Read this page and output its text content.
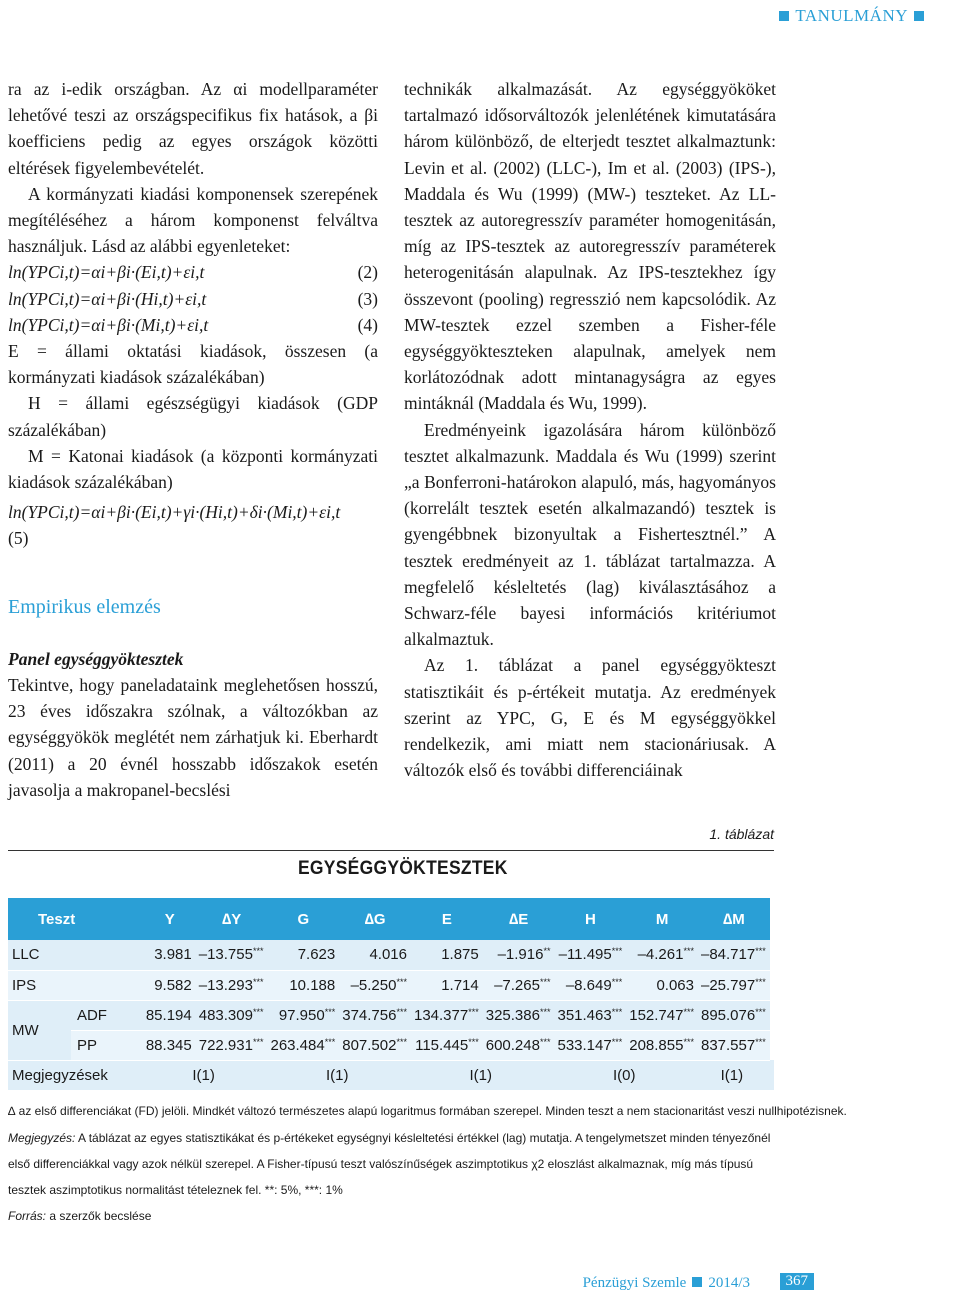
TANULMÁNY

ra az i-edik országban. Az αi modellparaméter lehetővé teszi az országspecifikus fix hatások, a βi koefficiens pedig az egyes országok közötti eltérések figyelembevételét.

A kormányzati kiadási komponensek szerepének megítéléséhez a három komponenst felváltva használjuk. Lásd az alábbi egyenleteket:

ln(YPCi,t)=αi+βi·(Ei,t)+εi,t	(2)
ln(YPCi,t)=αi+βi·(Hi,t)+εi,t	(3)
ln(YPCi,t)=αi+βi·(Mi,t)+εi,t	(4)

E = állami oktatási kiadások, összesen (a kormányzati kiadások százalékában)

H = állami egészségügyi kiadások (GDP százalékában)

M = Katonai kiadások (a központi kormányzati kiadások százalékában)

ln(YPCi,t)=αi+βi·(Ei,t)+γi·(Hi,t)+δi·(Mi,t)+εi,t
(5)
Empirikus elemzés
Panel egységgyöktesztek

Tekintve, hogy paneladataink meglehetősen hosszú, 23 éves időszakra szólnak, a változókban az egységgyökök meglétét nem zárhatjuk ki. Eberhardt (2011) a 20 évnél hosszabb időszakok esetén javasolja a makropanel-becslési

technikák alkalmazását. Az egységgyököket tartalmazó idősorváltozók jelenlétének kimutatására három különböző, de elterjedt tesztet alkalmaztunk: Levin et al. (2002) (LLC-), Im et al. (2003) (IPS-), Maddala és Wu (1999) (MW-) teszteket. Az LL-tesztek az autoregresszív paraméter homogenitásán, míg az IPS-tesztek az autoregresszív paraméterek heterogenitásán alapulnak. Az IPS-tesztekhez így összevont (pooling) regresszió nem kapcsolódik. Az MW-tesztek ezzel szemben a Fisher-féle egységgyökteszteken alapulnak, amelyek nem korlátozódnak adott mintanagyságra az egyes mintáknál (Maddala és Wu, 1999).

Eredményeink igazolására három különböző tesztet alkalmazunk. Maddala és Wu (1999) szerint „a Bonferroni-határokon alapuló, más, hagyományos (korrelált tesztek esetén alkalmazandó) tesztek is gyengébbnek bizonyultak a Fishertesztnél.” A tesztek eredményeit az 1. táblázat tartalmazza. A megfelelő késleltetés (lag) kiválasztásához a Schwarz-féle bayesi információs kritériumot alkalmaztuk.

Az 1. táblázat a panel egységgyökteszt statisztikáit és p-értékeit mutatja. Az eredmények szerint az YPC, G, E és M egységgyökkel rendelkezik, ami miatt nem stacionáriusak. A változók első és további differenciáinak

1. táblázat
EGYSÉGGYÖKTESZTEK
Teszt		Y	∆Y	G	∆G	E	∆E	H	M	∆M	
LLC		3.981	–13.755***	7.623	4.016	1.875	–1.916**	–11.495***	–4.261***	–84.717***
IPS		9.582	–13.293***	10.188	–5.250***	1.714	–7.265***	–8.649***	0.063	–25.797***
MW	ADF	85.194	483.309***	97.950***	374.756***	134.377***	325.386***	351.463***	152.747***	895.076***
	PP	88.345	722.931***	263.484***	807.502***	115.445***	600.248***	533.147***	208.855***	837.557***
Megjegyzések		I(1)		I(1)		I(1)		I(0)		I(1)	
∆ az első differenciákat (FD) jelöli. Mindkét változó természetes alapú logaritmus formában szerepel. Minden teszt a nem stacionaritást veszi nullhipotézisnek.
Megjegyzés: A táblázat az egyes statisztikákat és p-értékeket egységnyi késleltetési értékkel (lag) mutatja. A tengelymetszet minden tényezőnél
első differenciákkal vagy azok nélkül szerepel. A Fisher-típusú teszt valószínűségek aszimptotikus χ2 eloszlást alkalmaznak, míg más típusú
tesztek aszimptotikus normalitást tételeznek fel. **: 5%, ***: 1%
Forrás: a szerzők becslése
Pénzügyi Szemle 2014/3	367
